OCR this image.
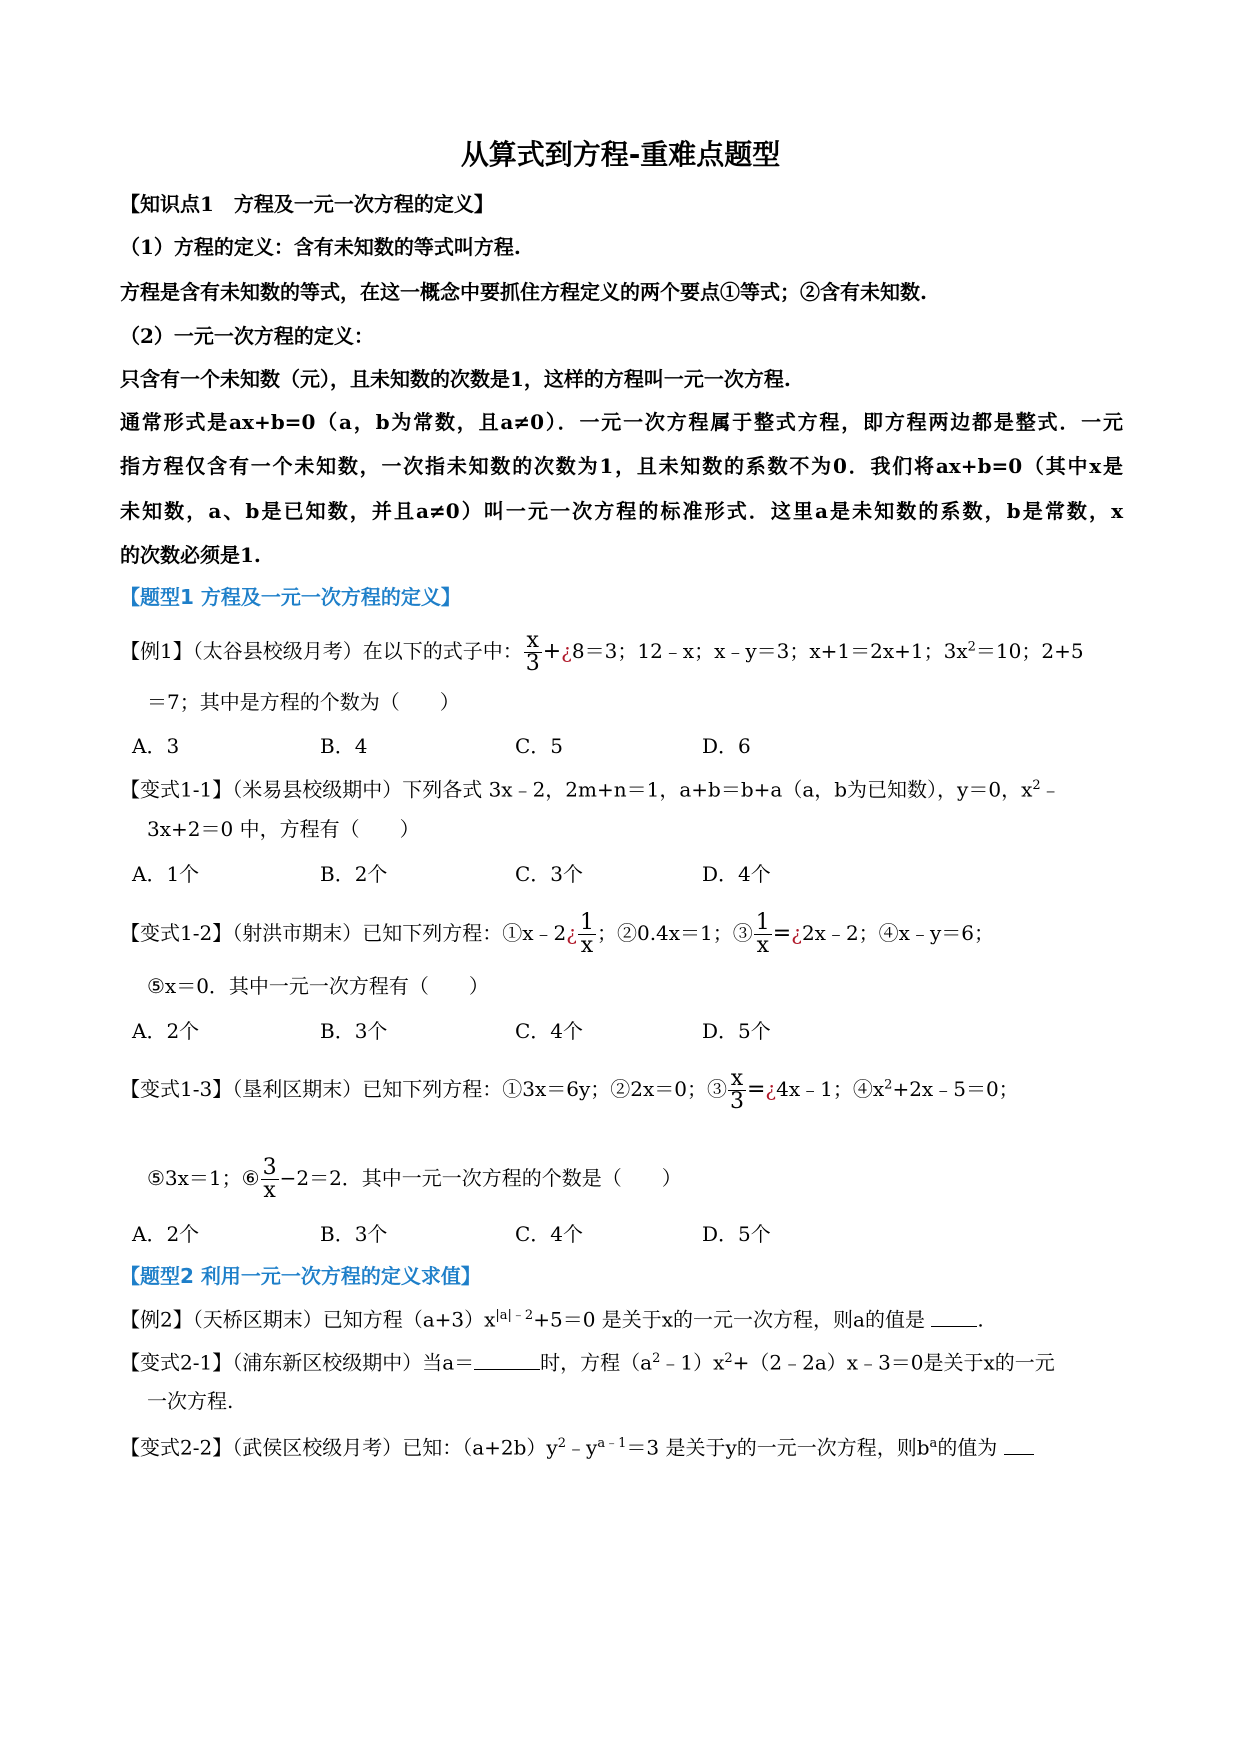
从算式到方程-重难点题型
【知识点1　方程及一元一次方程的定义】
（1）方程的定义：含有未知数的等式叫方程.
方程是含有未知数的等式，在这一概念中要抓住方程定义的两个要点①等式；②含有未知数.
（2）一元一次方程的定义：
只含有一个未知数（元），且未知数的次数是1，这样的方程叫一元一次方程.
通常形式是ax+b=0（a，b为常数，且a≠0）．一元一次方程属于整式方程，即方程两边都是整式．一元
指方程仅含有一个未知数，一次指未知数的次数为1，且未知数的系数不为0．我们将ax+b=0（其中x是
未知数，a、b是已知数，并且a≠0）叫一元一次方程的标准形式．这里a是未知数的系数，b是常数，x
的次数必须是1.
【题型1 方程及一元一次方程的定义】
【例1】（太谷县校级月考）在以下的式子中： $\frac{x}{3}$ +¿8＝3；12﹣x；x﹣y＝3；x+1＝2x+1；$3x^2=10$；2+5
＝7；其中是方程的个数为（　　）
A．3	B．4	C．5	D．6
【变式1-1】（米易县校级期中）下列各式 3x﹣2，2m+n＝1，a+b＝b+a（a，b为已知数），y＝0，$x^2﹣$
3x+2＝0 中，方程有（　　）
A．1个	B．2个	C．3个	D．4个
【变式1-2】（射洪市期末）已知下列方程：①x﹣2¿ $\frac{1}{x}$ ；②0.4x＝1；③ $\frac{1}{x}$ =¿2x﹣2；④x﹣y＝6；
⑤x＝0．其中一元一次方程有（　　）
A．2个	B．3个	C．4个	D．5个
【变式1-3】（垦利区期末）已知下列方程：①3x＝6y；②2x＝0；③ $\frac{x}{3}$ =¿4x﹣1；$④x^2+2x﹣5=0$；
⑤3x＝1；⑥ $\frac{3}{x} -2=2$．其中一元一次方程的个数是（　　）
A．2个	B．3个	C．4个	D．5个
【题型2 利用一元一次方程的定义求值】
【例2】（天桥区期末）已知方程$(a+3)x^{|a|﹣2}+5=0$ 是关于x的一元一次方程，则a的值是 .
【变式2-1】（浦东新区校级期中）当a＝	时，方程$(a^2﹣1)x^2+(2﹣2a)x﹣3=0$是关于x的一元
一次方程.
【变式2-2】（武侯区校级月考）已知：$(a+2b)y^2﹣y^{a﹣1}=3$ 是关于y的一元一次方程，则$b^a$的值为
